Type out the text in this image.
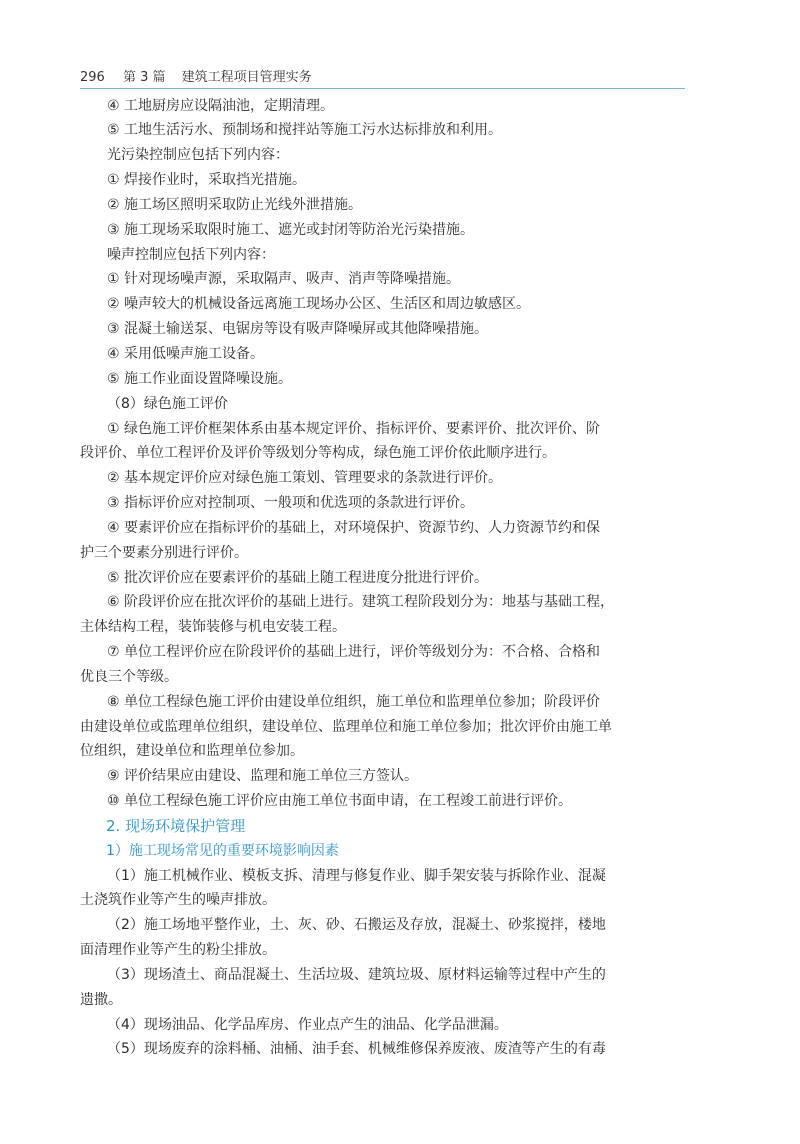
296 第 3 篇 建筑工程项目管理实务
④ 工地厨房应设隔油池，定期清理。
⑤ 工地生活污水、预制场和搅拌站等施工污水达标排放和利用。
光污染控制应包括下列内容：
① 焊接作业时，采取挡光措施。
② 施工场区照明采取防止光线外泄措施。
③ 施工现场采取限时施工、遮光或封闭等防治光污染措施。
噪声控制应包括下列内容：
① 针对现场噪声源，采取隔声、吸声、消声等降噪措施。
② 噪声较大的机械设备远离施工现场办公区、生活区和周边敏感区。
③ 混凝土输送泵、电锯房等设有吸声降噪屏或其他降噪措施。
④ 采用低噪声施工设备。
⑤ 施工作业面设置降噪设施。
（8）绿色施工评价
① 绿色施工评价框架体系由基本规定评价、指标评价、要素评价、批次评价、阶
段评价、单位工程评价及评价等级划分等构成，绿色施工评价依此顺序进行。
② 基本规定评价应对绿色施工策划、管理要求的条款进行评价。
③ 指标评价应对控制项、一般项和优选项的条款进行评价。
④ 要素评价应在指标评价的基础上，对环境保护、资源节约、人力资源节约和保
护三个要素分别进行评价。
⑤ 批次评价应在要素评价的基础上随工程进度分批进行评价。
⑥ 阶段评价应在批次评价的基础上进行。建筑工程阶段划分为：地基与基础工程，
主体结构工程，装饰装修与机电安装工程。
⑦ 单位工程评价应在阶段评价的基础上进行，评价等级划分为：不合格、合格和
优良三个等级。
⑧ 单位工程绿色施工评价由建设单位组织，施工单位和监理单位参加；阶段评价
由建设单位或监理单位组织，建设单位、监理单位和施工单位参加；批次评价由施工单
位组织，建设单位和监理单位参加。
⑨ 评价结果应由建设、监理和施工单位三方签认。
⑩ 单位工程绿色施工评价应由施工单位书面申请，在工程竣工前进行评价。
2. 现场环境保护管理
1）施工现场常见的重要环境影响因素
（1）施工机械作业、模板支拆、清理与修复作业、脚手架安装与拆除作业、混凝
土浇筑作业等产生的噪声排放。
（2）施工场地平整作业，土、灰、砂、石搬运及存放，混凝土、砂浆搅拌，楼地
面清理作业等产生的粉尘排放。
（3）现场渣土、商品混凝土、生活垃圾、建筑垃圾、原材料运输等过程中产生的
遗撒。
（4）现场油品、化学品库房、作业点产生的油品、化学品泄漏。
（5）现场废弃的涂料桶、油桶、油手套、机械维修保养废液、废渣等产生的有毒
